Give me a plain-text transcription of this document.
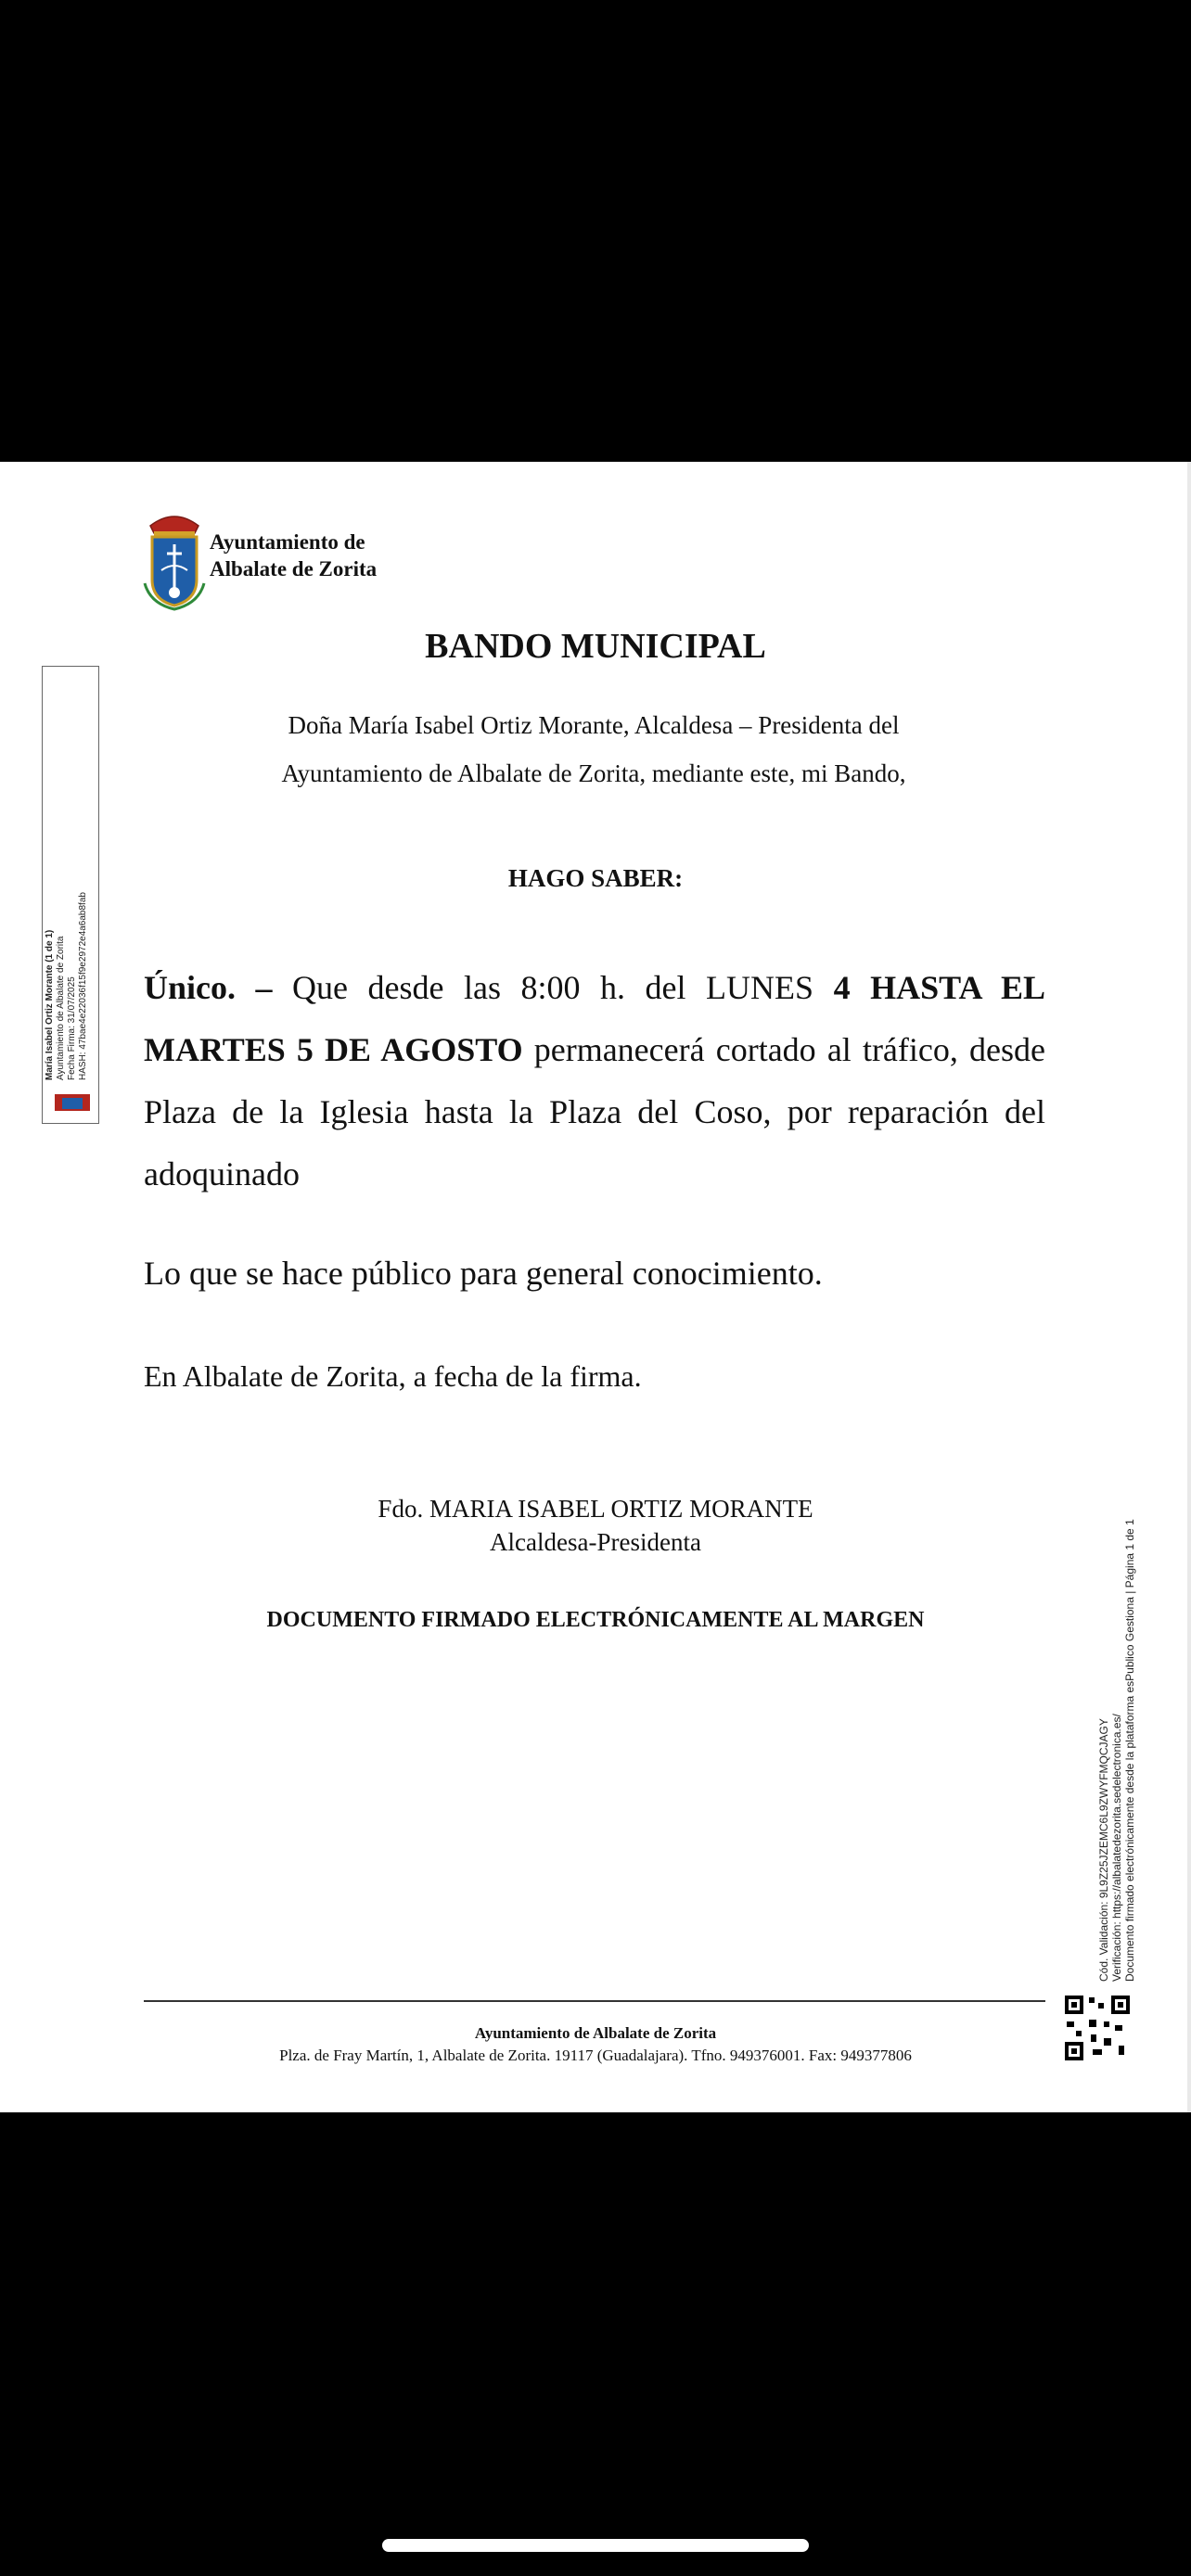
Ayuntamiento de
Albalate de Zorita
BANDO MUNICIPAL
Doña María Isabel Ortiz Morante, Alcaldesa – Presidenta del
Ayuntamiento de Albalate de Zorita, mediante este, mi Bando,
HAGO SABER:
Único. – Que desde las 8:00 h. del LUNES 4 HASTA EL MARTES 5 DE AGOSTO permanecerá cortado al tráfico, desde Plaza de la Iglesia hasta la Plaza del Coso, por reparación del adoquinado
Lo que se hace público para general conocimiento.
En Albalate de Zorita, a fecha de la firma.
Fdo. MARIA ISABEL ORTIZ MORANTE
Alcaldesa-Presidenta
DOCUMENTO FIRMADO ELECTRÓNICAMENTE AL MARGEN
María Isabel Ortiz Morante (1 de 1) Ayuntamiento de Albalate de Zorita Fecha Firma: 31/07/2025 HASH: 47bae4e22036f15f9e2972e4a6ab8fab
Cód. Validación: 9L9Z25JZEMC6L9ZWYFMQCJAGY Verificación: https://albalatedezorita.sedelectronica.es/ Documento firmado electrónicamente desde la plataforma esPublico Gestiona | Página 1 de 1
Ayuntamiento de Albalate de Zorita
Plza. de Fray Martín, 1, Albalate de Zorita. 19117 (Guadalajara). Tfno. 949376001. Fax: 949377806
